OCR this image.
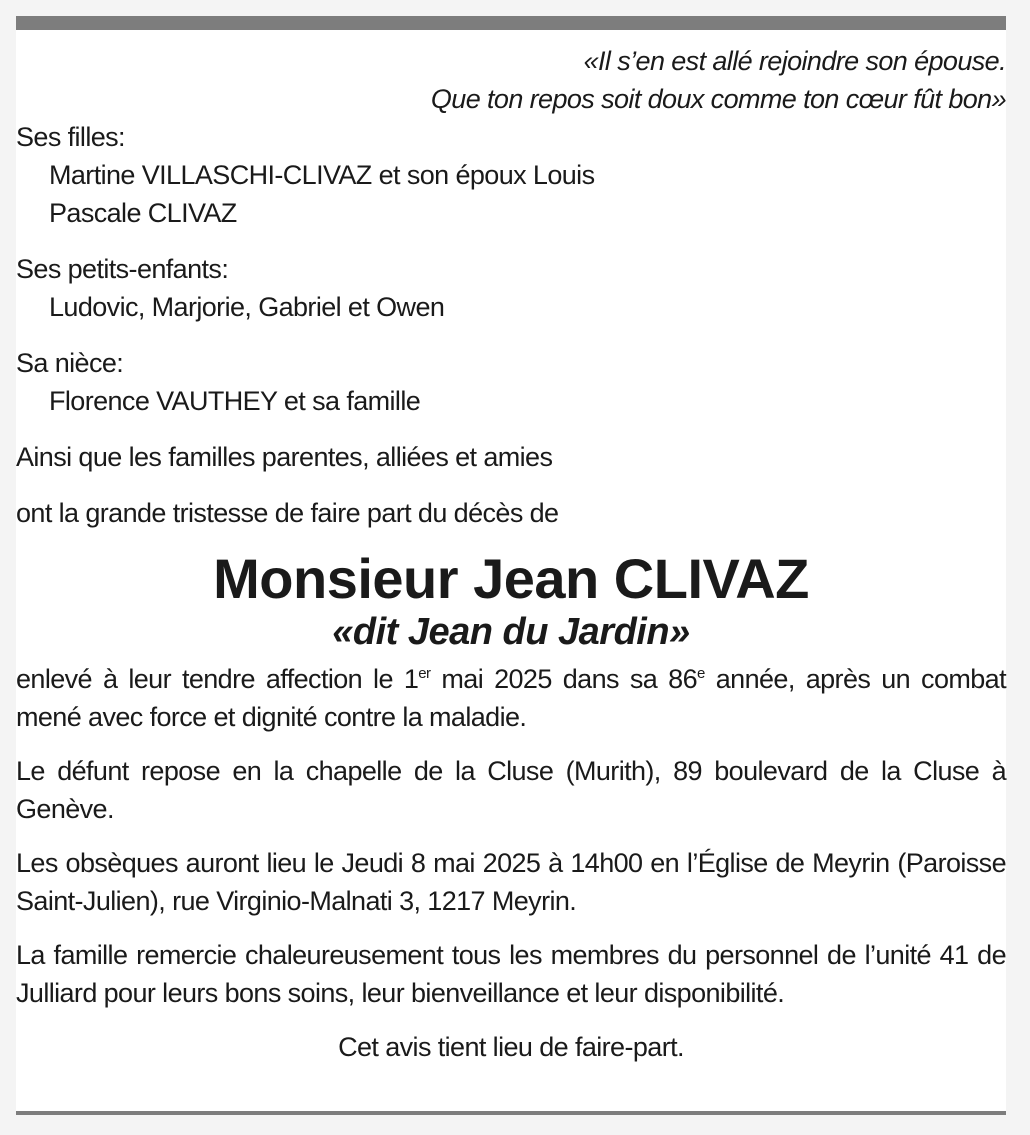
«Il s’en est allé rejoindre son épouse.

Que ton repos soit doux comme ton cœur fût bon»

Ses filles:

Martine VILLASCHI-CLIVAZ et son époux Louis

Pascale CLIVAZ

Ses petits-enfants:

Ludovic, Marjorie, Gabriel et Owen

Sa nièce:

Florence VAUTHEY et sa famille

Ainsi que les familles parentes, alliées et amies

ont la grande tristesse de faire part du décès de

Monsieur Jean CLIVAZ
«dit Jean du Jardin»

enlevé à leur tendre affection le 1er mai 2025 dans sa 86e année, après un combat mené avec force et dignité contre la maladie.

Le défunt repose en la chapelle de la Cluse (Murith), 89 boulevard de la Cluse à Genève.

Les obsèques auront lieu le Jeudi 8 mai 2025 à 14h00 en l’Église de Meyrin (Paroisse Saint-Julien), rue Virginio-Malnati 3, 1217 Meyrin.

La famille remercie chaleureusement tous les membres du personnel de l’unité 41 de Julliard pour leurs bons soins, leur bienveillance et leur disponibilité.

Cet avis tient lieu de faire-part.
